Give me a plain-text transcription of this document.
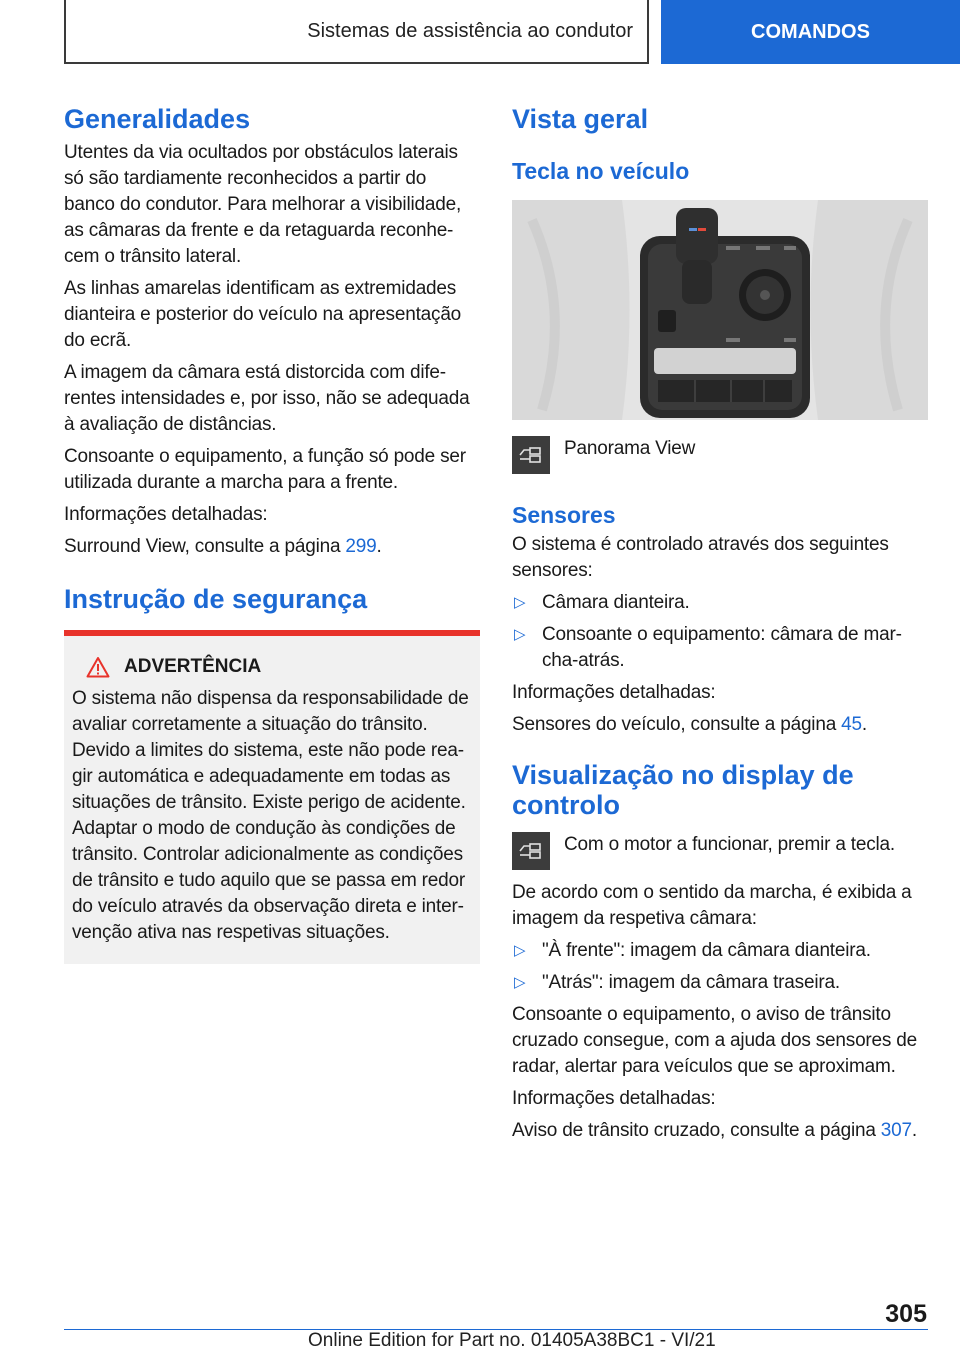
Sistemas de assistência ao condutor	COMANDOS
Generalidades
Utentes da via ocultados por obstáculos laterais só são tardiamente reconhecidos a partir do banco do condutor. Para melhorar a visibilidade, as câmaras da frente e da retaguarda reconhe-cem o trânsito lateral.
As linhas amarelas identificam as extremidades dianteira e posterior do veículo na apresentação do ecrã.
A imagem da câmara está distorcida com dife-rentes intensidades e, por isso, não se adequada à avaliação de distâncias.
Consoante o equipamento, a função só pode ser utilizada durante a marcha para a frente.
Informações detalhadas:
Surround View, consulte a página 299.
Instrução de segurança
ADVERTÊNCIA
O sistema não dispensa da responsabilidade de avaliar corretamente a situação do trânsito. Devido a limites do sistema, este não pode rea-gir automática e adequadamente em todas as situações de trânsito. Existe perigo de acidente. Adaptar o modo de condução às condições de trânsito. Controlar adicionalmente as condições de trânsito e tudo aquilo que se passa em redor do veículo através da observação direta e inter-venção ativa nas respetivas situações.
Vista geral
Tecla no veículo
Panorama View
Sensores
O sistema é controlado através dos seguintes sensores:
▷ Câmara dianteira.
▷ Consoante o equipamento: câmara de mar-cha-atrás.
Informações detalhadas:
Sensores do veículo, consulte a página 45.
Visualização no display de controlo
Com o motor a funcionar, premir a tecla.
De acordo com o sentido da marcha, é exibida a imagem da respetiva câmara:
▷ "À frente": imagem da câmara dianteira.
▷ "Atrás": imagem da câmara traseira.
Consoante o equipamento, o aviso de trânsito cruzado consegue, com a ajuda dos sensores de radar, alertar para veículos que se aproximam.
Informações detalhadas:
Aviso de trânsito cruzado, consulte a página 307.
305
Online Edition for Part no. 01405A38BC1 - VI/21
